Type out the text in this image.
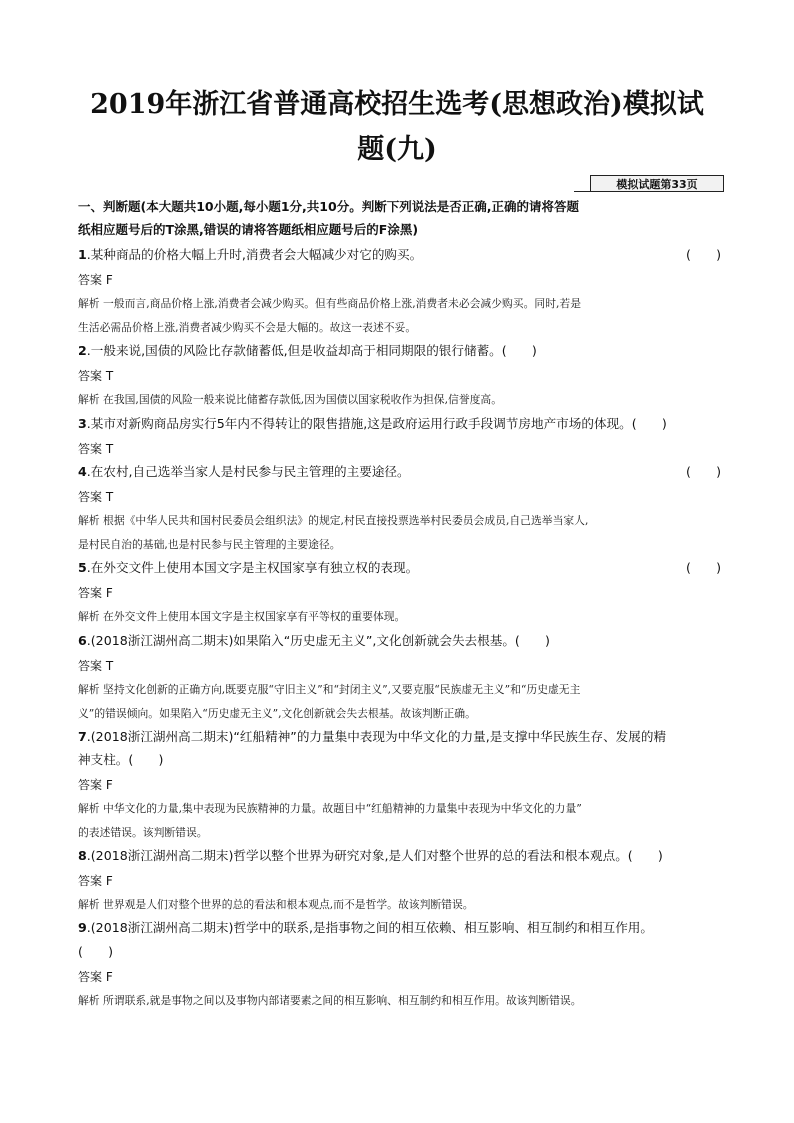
2019年浙江省普通高校招生选考(思想政治)模拟试
题(九)
模拟试题第33页

一、判断题(本大题共10小题,每小题1分,共10分。判断下列说法是否正确,正确的请将答题

纸相应题号后的T涂黑,错误的请将答题纸相应题号后的F涂黑)

1.某种商品的价格大幅上升时,消费者会大幅减少对它的购买。	(　　)

答案 F

解析 一般而言,商品价格上涨,消费者会减少购买。但有些商品价格上涨,消费者未必会减少购买。同时,若是

生活必需品价格上涨,消费者减少购买不会是大幅的。故这一表述不妥。

2.一般来说,国债的风险比存款储蓄低,但是收益却高于相同期限的银行储蓄。(　　)

答案 T

解析 在我国,国债的风险一般来说比储蓄存款低,因为国债以国家税收作为担保,信誉度高。

3.某市对新购商品房实行5年内不得转让的限售措施,这是政府运用行政手段调节房地产市场的体现。(　　)

答案 T

4.在农村,自己选举当家人是村民参与民主管理的主要途径。	(　　)

答案 T

解析 根据《中华人民共和国村民委员会组织法》的规定,村民直接投票选举村民委员会成员,自己选举当家人,

是村民自治的基础,也是村民参与民主管理的主要途径。

5.在外交文件上使用本国文字是主权国家享有独立权的表现。	(　　)

答案 F

解析 在外交文件上使用本国文字是主权国家享有平等权的重要体现。

6.(2018浙江湖州高二期末)如果陷入“历史虚无主义”,文化创新就会失去根基。(　　)

答案 T

解析 坚持文化创新的正确方向,既要克服“守旧主义”和“封闭主义”,又要克服“民族虚无主义”和“历史虚无主

义”的错误倾向。如果陷入“历史虚无主义”,文化创新就会失去根基。故该判断正确。

7.(2018浙江湖州高二期末)“红船精神”的力量集中表现为中华文化的力量,是支撑中华民族生存、发展的精

神支柱。(　　)

答案 F

解析 中华文化的力量,集中表现为民族精神的力量。故题目中“红船精神的力量集中表现为中华文化的力量”

的表述错误。该判断错误。

8.(2018浙江湖州高二期末)哲学以整个世界为研究对象,是人们对整个世界的总的看法和根本观点。(　　)

答案 F

解析 世界观是人们对整个世界的总的看法和根本观点,而不是哲学。故该判断错误。

9.(2018浙江湖州高二期末)哲学中的联系,是指事物之间的相互依赖、相互影响、相互制约和相互作用。

(　　)

答案 F

解析 所谓联系,就是事物之间以及事物内部诸要素之间的相互影响、相互制约和相互作用。故该判断错误。
